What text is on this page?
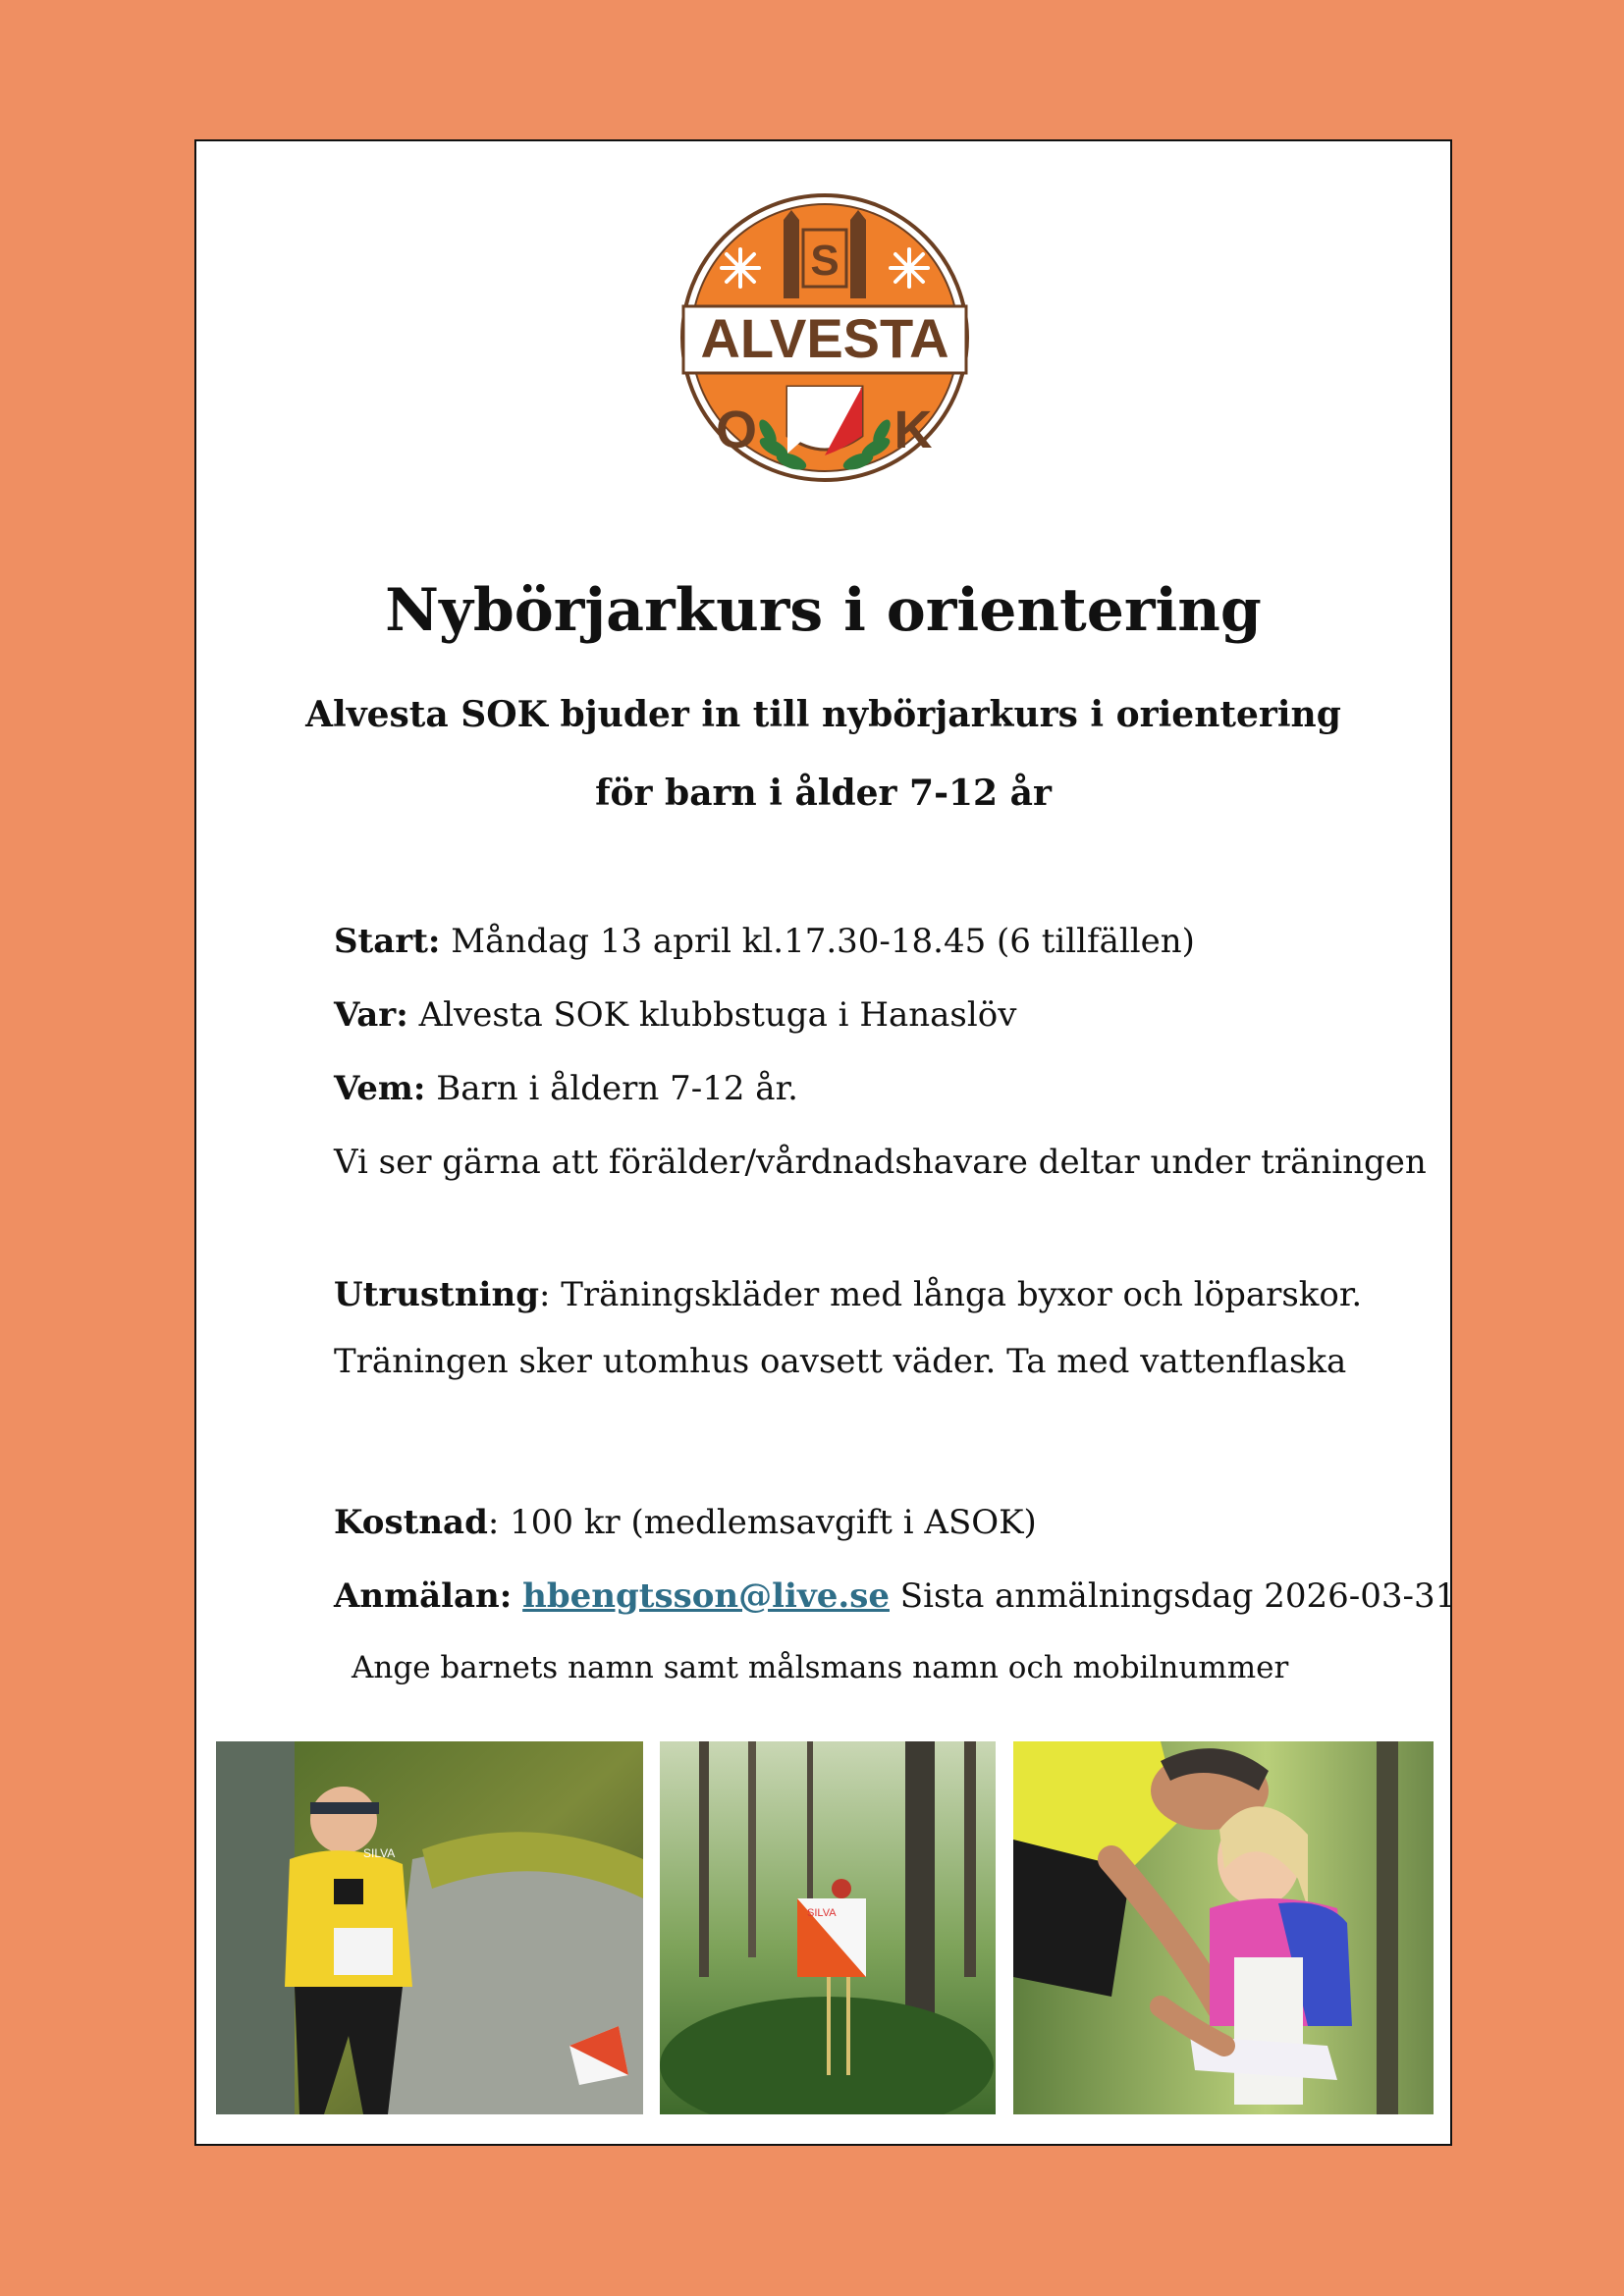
S
ALVESTA
O	K
Nybörjarkurs i orientering

Alvesta SOK bjuder in till nybörjarkurs i orientering

för barn i ålder 7-12 år

Start: Måndag 13 april kl.17.30-18.45 (6 tillfällen)
Var: Alvesta SOK klubbstuga i Hanaslöv
Vem: Barn i åldern 7-12 år.
Vi ser gärna att förälder/vårdnadshavare deltar under träningen
Utrustning: Träningskläder med långa byxor och löparskor.
Träningen sker utomhus oavsett väder. Ta med vattenflaska
Kostnad: 100 kr (medlemsavgift i ASOK)
Anmälan: hbengtsson@live.se Sista anmälningsdag 2026-03-31
Ange barnets namn samt målsmans namn och mobilnummer
SILVA
SILVA
